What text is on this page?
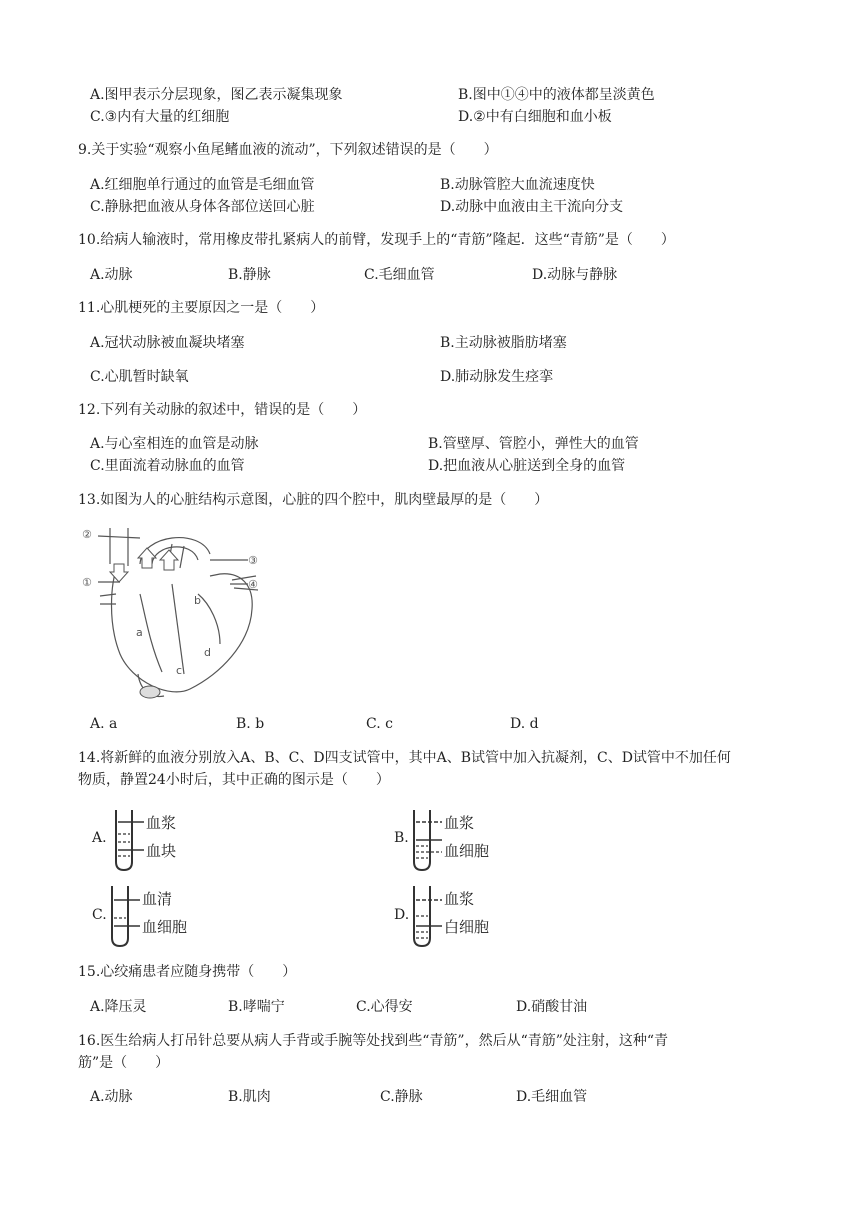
A.图甲表示分层现象，图乙表示凝集现象	B.图中①④中的液体都呈淡黄色
C.③内有大量的红细胞	D.②中有白细胞和血小板
9.关于实验“观察小鱼尾鳍血液的流动”，下列叙述错误的是（　　）
A.红细胞单行通过的血管是毛细血管	B.动脉管腔大血流速度快
C.静脉把血液从身体各部位送回心脏	D.动脉中血液由主干流向分支
10.给病人输液时，常用橡皮带扎紧病人的前臂，发现手上的“青筋”隆起．这些“青筋”是（　　）
A.动脉	B.静脉	C.毛细血管	D.动脉与静脉
11.心肌梗死的主要原因之一是（　　）
A.冠状动脉被血凝块堵塞	B.主动脉被脂肪堵塞
C.心肌暂时缺氧	D.肺动脉发生痉挛
12.下列有关动脉的叙述中，错误的是（　　）
A.与心室相连的血管是动脉	B.管壁厚、管腔小，弹性大的血管
C.里面流着动脉血的血管	D.把血液从心脏送到全身的血管
13.如图为人的心脏结构示意图，心脏的四个腔中，肌肉壁最厚的是（　　）
②
①
③
④
a
b
c
d
A. a	B. b	C. c	D. d
14.将新鲜的血液分别放入A、B、C、D四支试管中，其中A、B试管中加入抗凝剂，C、D试管中不加任何
物质，静置24小时后，其中正确的图示是（　　）
A.
血浆
血块
B.
血浆
血细胞
C.
血清
血细胞
D.
血浆
白细胞
15.心绞痛患者应随身携带（　　）
A.降压灵	B.哮喘宁	C.心得安	D.硝酸甘油
16.医生给病人打吊针总要从病人手背或手腕等处找到些“青筋”，然后从“青筋”处注射，这种“青
筋”是（　　）
A.动脉	B.肌肉	C.静脉	D.毛细血管
